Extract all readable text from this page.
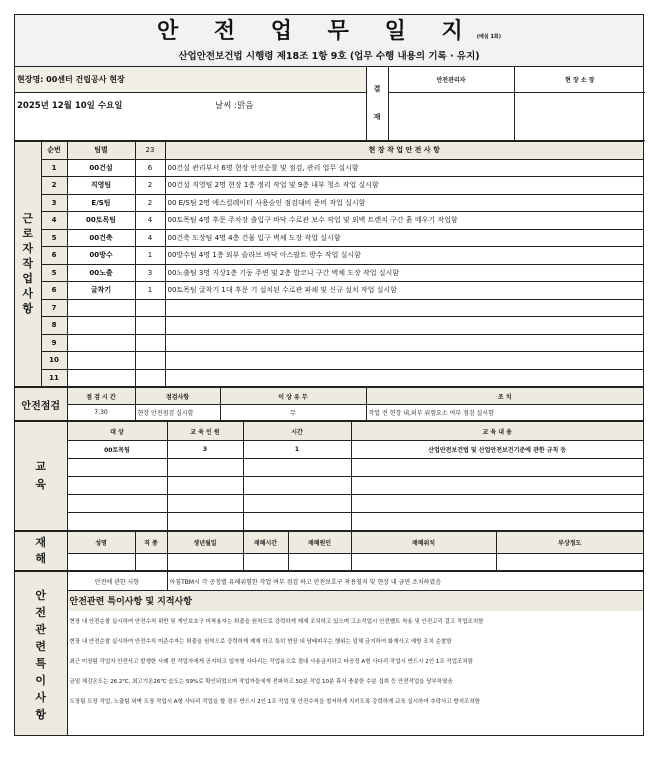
안 전 업 무 일 지(배실 1회)
산업안전보건법 시행령 제18조 1항 9호 (업무 수행 내용의 기록 · 유지)
현장명: 00센터 건립공사 현장	결
재	안전관리자	현 장 소 장
2025년 12월 10일 수요일 날씨 :맑음			

근
로
자
작
업
사
항	순번	팀별	23	현 장 작 업 안 전 사 항
	1	00건설	6	00건설 관리부서 6명 현장 안전순찰 및 점검, 관리 업무 실시함
	2	직영팀	2	00건설 직영팀 2명 현장 1층 정리 작업 및 9층 내부 청소 작업 실시함
	3	E/S팀	2	00 E/S팀 2명 에스컬레이터 사용승인 점검대비 준비 작업 실시함
	4	00토목팀	4	00토목팀 4명 후문 주차장 출입구 바닥 수로관 보수 작업 및 외벽 트렌치 구간 흙 메우기 작업함
	5	00건축	4	00건축 도장팀 4명 4층 건물 입구 벽체 도장 작업 실시함
	6	00방수	1	00방수팀 4명 1층 외부 슬라브 바닥 아스팔트 방수 작업 실시함
	5	00노출	3	00노출팀 3명 지상1층 기둥 주변 및 2층 발코니 구간 벽체 도장 작업 실시함
	6	굴착기	1	00토목팀 굴착기 1대 후문 기 설치된 수로관 파쇄 및 신규 설치 작업 실시함
	7			
	8			
	9			
	10			
	11			
안전점검	점 검 시 간	점검사항	이 상 유 무	조 치
	7:30	현장 안전점검 실시함	무	작업 전 현장 내,외부 위험요소 여부 점검 실시함
교
육	대 상	교 육 인 원	시간	교 육 내 용
	00토목팀	3	1	산업안전보건법 및 산업안전보건기준에 관한 규칙 등

재
해	성명	직 종	생년월일	재해시간	재해원인	재해위치	부상정도

안
전
관
련
특
이
사
항	안전에 관한 사항	아침TBM시 각 공정별 유해위험한 작업 여부 점검 하고 안전보호구 착용철저 및 현장 내 금연 조치하였음
안전관련 특이사항 및 지적사항
현장 내 안전순찰 실시하여 안전수칙 위반 및 개인보호구 미착용자는 퇴출을 원칙으로 강력하게 제재 조치하고 있으며 고소작업시 안전벨트 착용 및 안전고리 걸고 작업조치함
현장 내 안전순찰 실시하여 안전수칙 미준수자는 퇴출을 원칙으로 강력하게 제재 하고 특히 현장 내 담배피우는 행위는 일체 금지하여 화재사고 예방 조치 순찰함
최근 미장팀 작업자 안전사고 발생한 사례 전 작업자에게 공지하고 일자형 사다리는 작업용으로 절대 사용금지하고 타공정 A형 사다리 작업시 반드시 2인 1조 작업조치함
금일 체감온도는 26.2℃, 최고기온26℃ 습도는 59%로 확인되었으며 작업자들에게 전파하고 50분 작업 10분 휴식 충분한 수분 섭취 등 안전작업을 당부하였음
도장팀 도장 작업, 노출팀 외벽 도장 작업시 A형 사다리 작업을 할 경우 반드시 2인 1조 작업 및 안전수칙을 철저하게 지키도록 강력하게 교육 실시하여 추락사고 방지조치함
